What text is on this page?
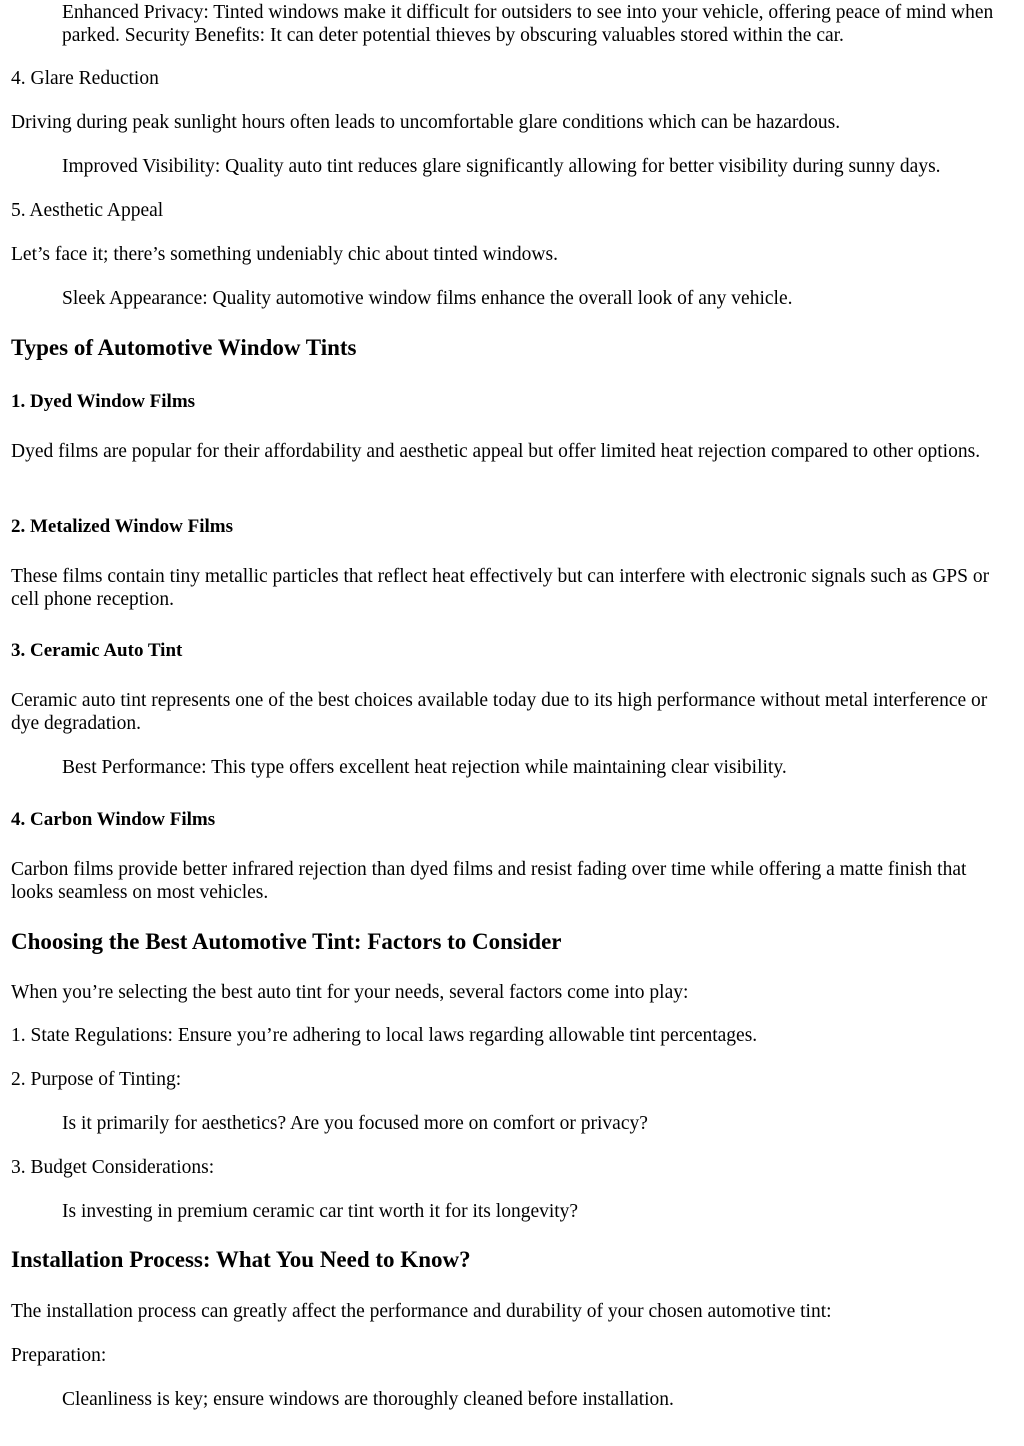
Enhanced Privacy: Tinted windows make it difficult for outsiders to see into your vehicle, offering peace of mind when parked. Security Benefits: It can deter potential thieves by obscuring valuables stored within the car.
4. Glare Reduction
Driving during peak sunlight hours often leads to uncomfortable glare conditions which can be hazardous.
Improved Visibility: Quality auto tint reduces glare significantly allowing for better visibility during sunny days.
5. Aesthetic Appeal
Let’s face it; there’s something undeniably chic about tinted windows.
Sleek Appearance: Quality automotive window films enhance the overall look of any vehicle.
Types of Automotive Window Tints
1. Dyed Window Films
Dyed films are popular for their affordability and aesthetic appeal but offer limited heat rejection compared to other options.
2. Metalized Window Films
These films contain tiny metallic particles that reflect heat effectively but can interfere with electronic signals such as GPS or cell phone reception.
3. Ceramic Auto Tint
Ceramic auto tint represents one of the best choices available today due to its high performance without metal interference or dye degradation.
Best Performance: This type offers excellent heat rejection while maintaining clear visibility.
4. Carbon Window Films
Carbon films provide better infrared rejection than dyed films and resist fading over time while offering a matte finish that looks seamless on most vehicles.
Choosing the Best Automotive Tint: Factors to Consider
When you’re selecting the best auto tint for your needs, several factors come into play:
1. State Regulations: Ensure you’re adhering to local laws regarding allowable tint percentages.
2. Purpose of Tinting:
Is it primarily for aesthetics? Are you focused more on comfort or privacy?
3. Budget Considerations:
Is investing in premium ceramic car tint worth it for its longevity?
Installation Process: What You Need to Know?
The installation process can greatly affect the performance and durability of your chosen automotive tint:
Preparation:
Cleanliness is key; ensure windows are thoroughly cleaned before installation.
